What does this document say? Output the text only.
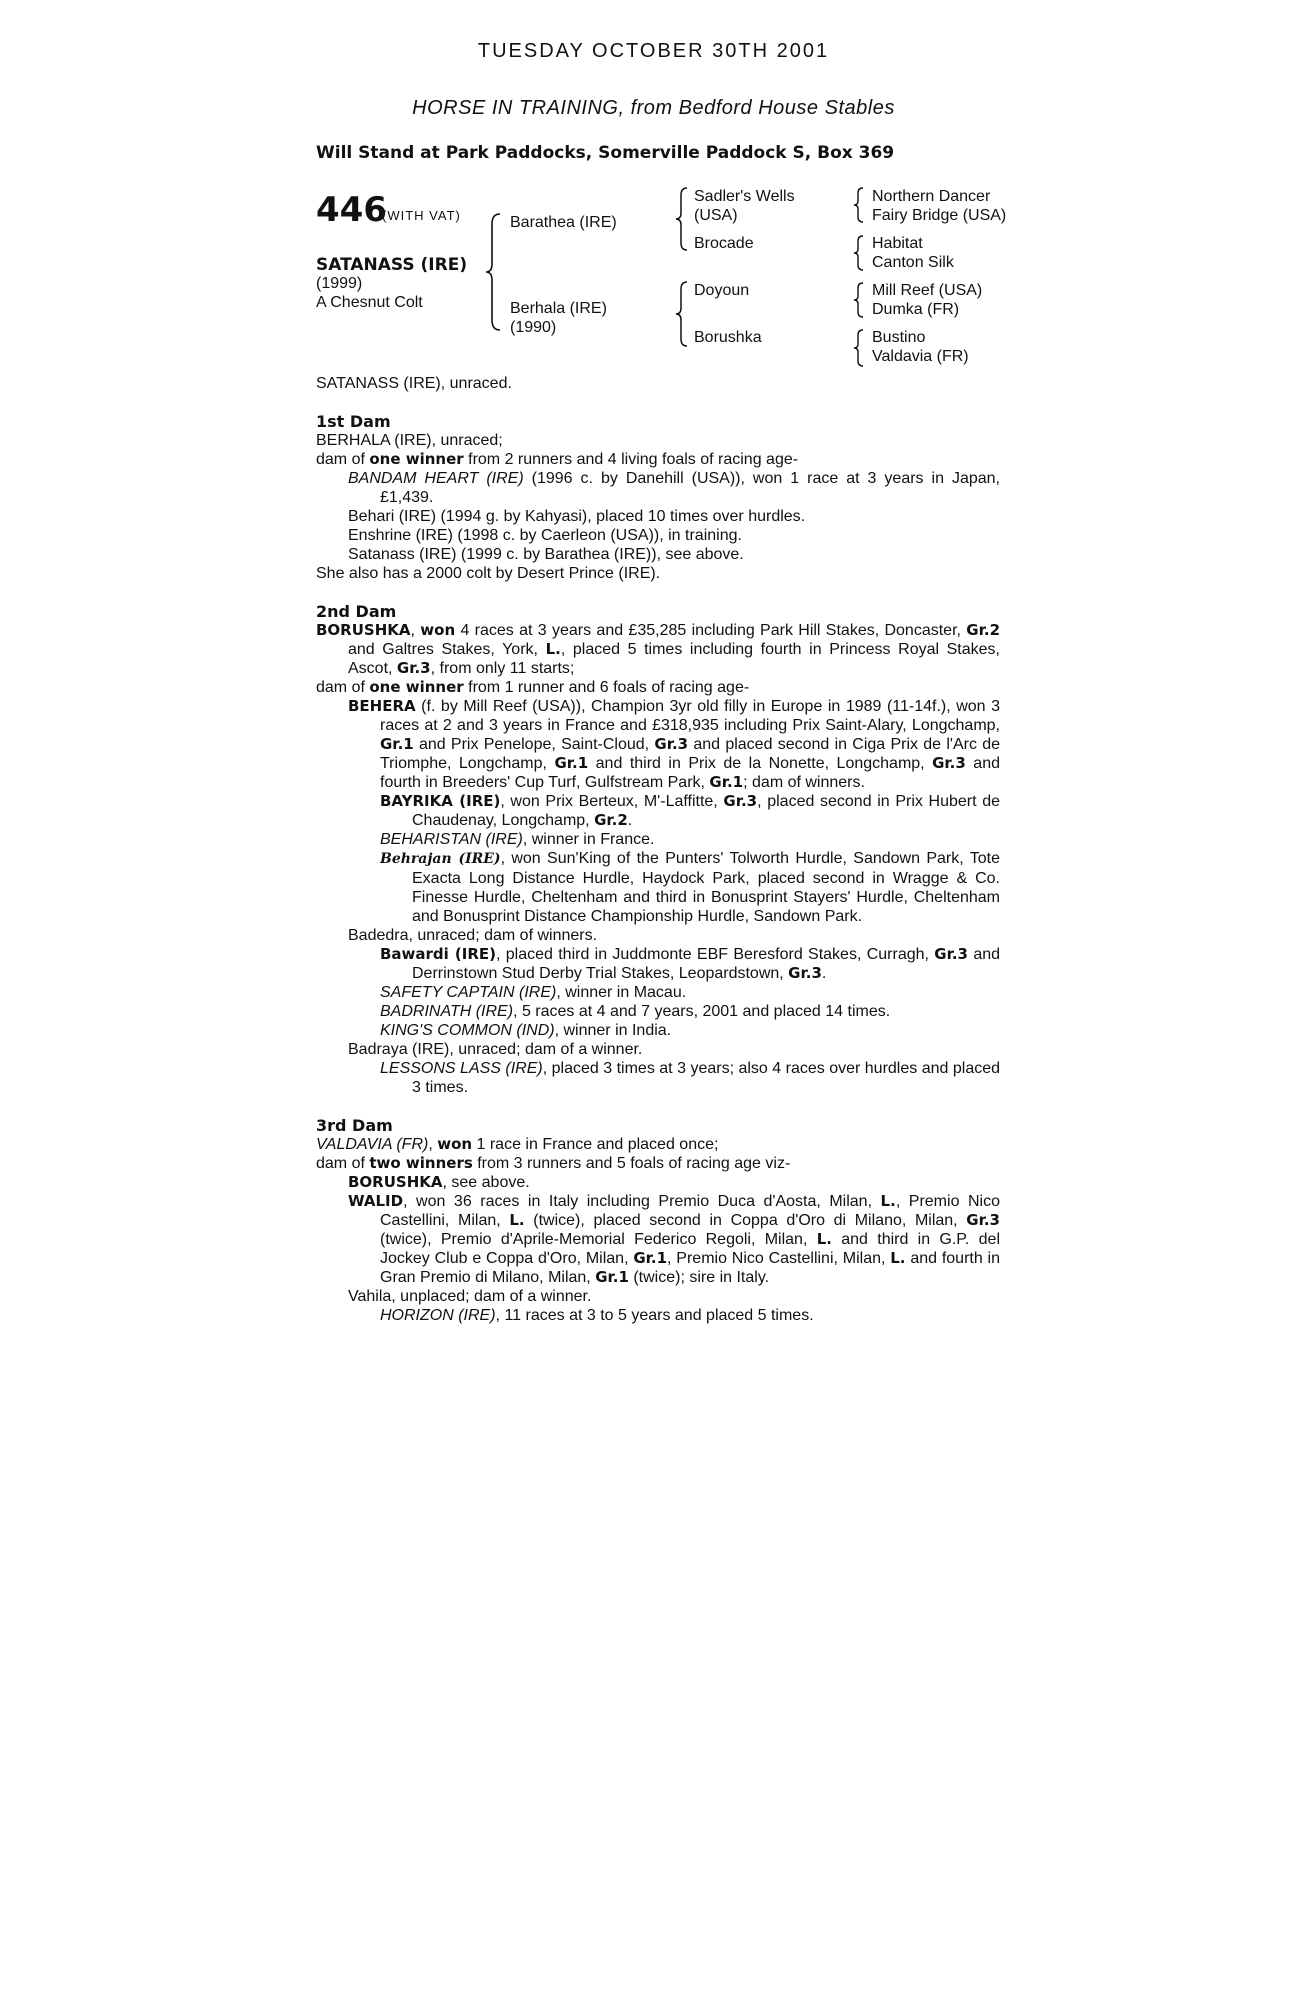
TUESDAY OCTOBER 30TH 2001
HORSE IN TRAINING, from Bedford House Stables
Will Stand at Park Paddocks, Somerville Paddock S, Box 369
446
(WITH VAT)
SATANASS (IRE)
(1999)
A Chesnut Colt
Barathea (IRE)
Berhala (IRE)
(1990)
Sadler's Wells
(USA)
Brocade
Doyoun
Borushka
Northern Dancer
Fairy Bridge (USA)
Habitat
Canton Silk
Mill Reef (USA)
Dumka (FR)
Bustino
Valdavia (FR)
SATANASS (IRE), unraced.
1st Dam
BERHALA (IRE), unraced;
dam of one winner from 2 runners and 4 living foals of racing age-
BANDAM HEART (IRE) (1996 c. by Danehill (USA)), won 1 race at 3 years in Japan, £1,439.
Behari (IRE) (1994 g. by Kahyasi), placed 10 times over hurdles.
Enshrine (IRE) (1998 c. by Caerleon (USA)), in training.
Satanass (IRE) (1999 c. by Barathea (IRE)), see above.
She also has a 2000 colt by Desert Prince (IRE).
2nd Dam
BORUSHKA, won 4 races at 3 years and £35,285 including Park Hill Stakes, Doncaster, Gr.2 and Galtres Stakes, York, L., placed 5 times including fourth in Princess Royal Stakes, Ascot, Gr.3, from only 11 starts;
dam of one winner from 1 runner and 6 foals of racing age-
BEHERA (f. by Mill Reef (USA)), Champion 3yr old filly in Europe in 1989 (11-14f.), won 3 races at 2 and 3 years in France and £318,935 including Prix Saint-Alary, Longchamp, Gr.1 and Prix Penelope, Saint-Cloud, Gr.3 and placed second in Ciga Prix de l'Arc de Triomphe, Longchamp, Gr.1 and third in Prix de la Nonette, Longchamp, Gr.3 and fourth in Breeders' Cup Turf, Gulfstream Park, Gr.1; dam of winners.
BAYRIKA (IRE), won Prix Berteux, M'-Laffitte, Gr.3, placed second in Prix Hubert de Chaudenay, Longchamp, Gr.2.
BEHARISTAN (IRE), winner in France.
Behrajan (IRE), won Sun'King of the Punters' Tolworth Hurdle, Sandown Park, Tote Exacta Long Distance Hurdle, Haydock Park, placed second in Wragge & Co. Finesse Hurdle, Cheltenham and third in Bonusprint Stayers' Hurdle, Cheltenham and Bonusprint Distance Championship Hurdle, Sandown Park.
Badedra, unraced; dam of winners.
Bawardi (IRE), placed third in Juddmonte EBF Beresford Stakes, Curragh, Gr.3 and Derrinstown Stud Derby Trial Stakes, Leopardstown, Gr.3.
SAFETY CAPTAIN (IRE), winner in Macau.
BADRINATH (IRE), 5 races at 4 and 7 years, 2001 and placed 14 times.
KING'S COMMON (IND), winner in India.
Badraya (IRE), unraced; dam of a winner.
LESSONS LASS (IRE), placed 3 times at 3 years; also 4 races over hurdles and placed 3 times.
3rd Dam
VALDAVIA (FR), won 1 race in France and placed once;
dam of two winners from 3 runners and 5 foals of racing age viz-
BORUSHKA, see above.
WALID, won 36 races in Italy including Premio Duca d'Aosta, Milan, L., Premio Nico Castellini, Milan, L. (twice), placed second in Coppa d'Oro di Milano, Milan, Gr.3 (twice), Premio d'Aprile-Memorial Federico Regoli, Milan, L. and third in G.P. del Jockey Club e Coppa d'Oro, Milan, Gr.1, Premio Nico Castellini, Milan, L. and fourth in Gran Premio di Milano, Milan, Gr.1 (twice); sire in Italy.
Vahila, unplaced; dam of a winner.
HORIZON (IRE), 11 races at 3 to 5 years and placed 5 times.
